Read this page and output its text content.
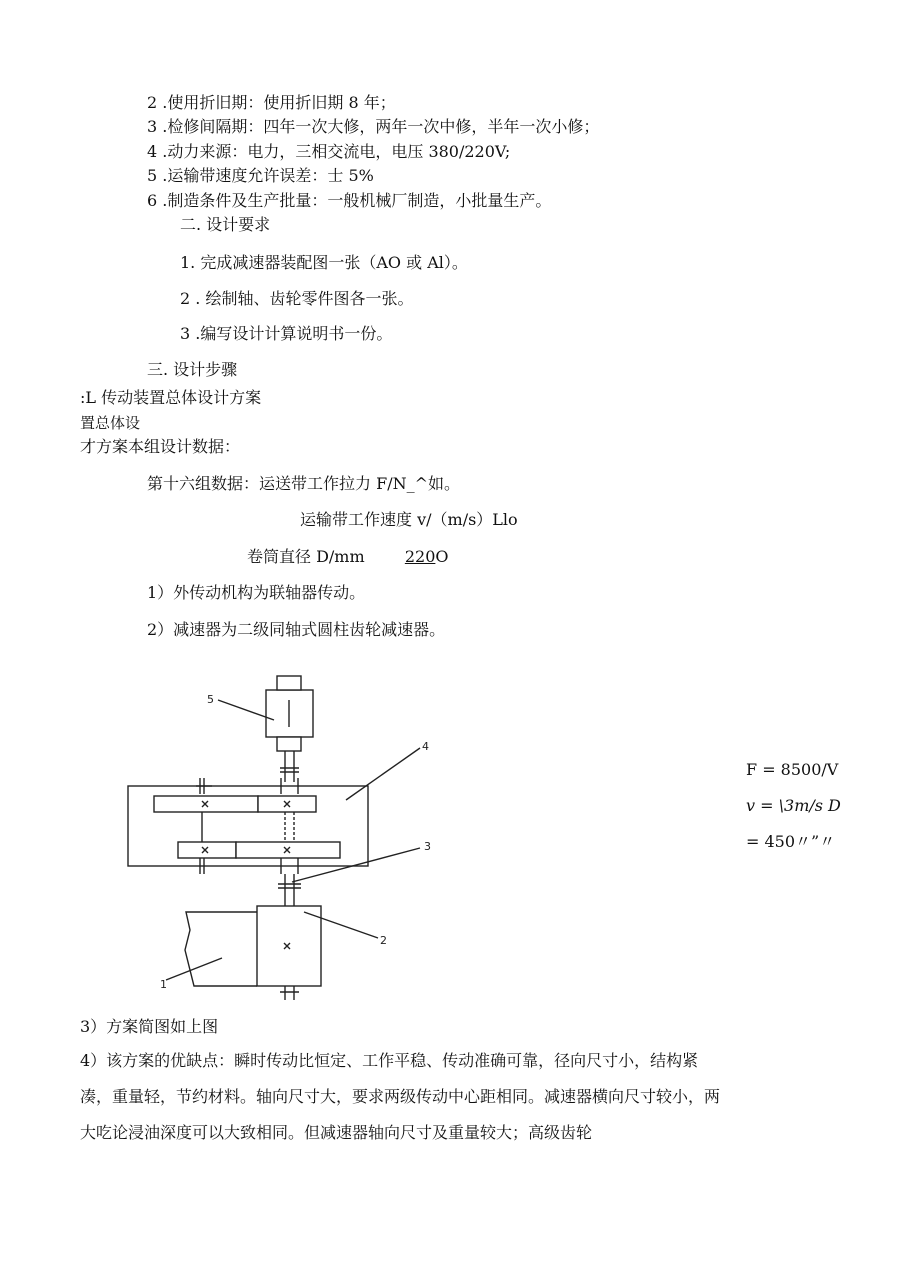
2 .使用折旧期：使用折旧期 8 年；
3 .检修间隔期：四年一次大修，两年一次中修，半年一次小修；
4 .动力来源：电力，三相交流电，电压 380/220V;
5 .运输带速度允许误差：士 5%
6 .制造条件及生产批量：一般机械厂制造，小批量生产。
二. 设计要求
1. 完成减速器装配图一张（AO 或 Al）。
2 . 绘制轴、齿轮零件图各一张。
3 .编写设计计算说明书一份。
三. 设计步骤
:L 传动装置总体设计方案
置总体设
才方案本组设计数据：
第十六组数据：运送带工作拉力 F/N_^如。
运输带工作速度 v/（m/s）Llo
卷筒直径 D/mm	220O
1）外传动机构为联轴器传动。
2）减速器为二级同轴式圆柱齿轮减速器。
5
4
3
2
1
F = 8500/V
v = \3m/s D
= 450〃”〃
3）方案简图如上图
4）该方案的优缺点：瞬时传动比恒定、工作平稳、传动准确可靠，径向尺寸小，结构紧
凑，重量轻，节约材料。轴向尺寸大，要求两级传动中心距相同。减速器横向尺寸较小，两
大吃论浸油深度可以大致相同。但减速器轴向尺寸及重量较大；高级齿轮
